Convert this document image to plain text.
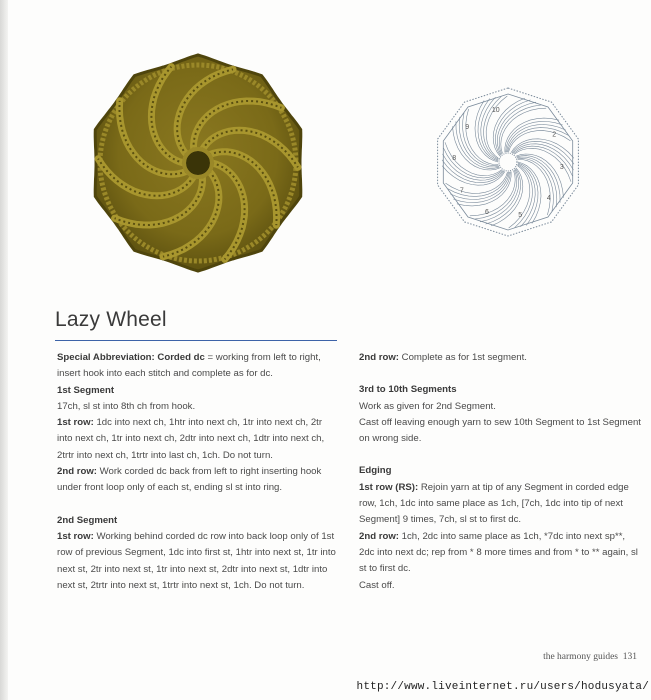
2
3
4
5
6
7
8
9
10
Lazy Wheel

Special Abbreviation: Corded dc = working from left to right, insert hook into each stitch and complete as for dc.

1st Segment

17ch, sl st into 8th ch from hook.

1st row: 1dc into next ch, 1htr into next ch, 1tr into next ch, 2tr into next ch, 1tr into next ch, 2dtr into next ch, 1dtr into next ch, 2trtr into next ch, 1trtr into last ch, 1ch. Do not turn.

2nd row: Work corded dc back from left to right inserting hook under front loop only of each st, ending sl st into ring.

2nd Segment

1st row: Working behind corded dc row into back loop only of 1st row of previous Segment, 1dc into first st, 1htr into next st, 1tr into next st, 2tr into next st, 1tr into next st, 2dtr into next st, 1dtr into next st, 2trtr into next st, 1trtr into next st, 1ch. Do not turn.

2nd row: Complete as for 1st segment.

3rd to 10th Segments

Work as given for 2nd Segment.

Cast off leaving enough yarn to sew 10th Segment to 1st Segment on wrong side.

Edging

1st row (RS): Rejoin yarn at tip of any Segment in corded edge row, 1ch, 1dc into same place as 1ch, [7ch, 1dc into tip of next Segment] 9 times, 7ch, sl st to first dc.

2nd row: 1ch, 2dc into same place as 1ch, *7dc into next sp**, 2dc into next dc; rep from * 8 more times and from * to ** again, sl st to first dc.

Cast off.

the harmony guides 131
http://www.liveinternet.ru/users/hodusyata/
